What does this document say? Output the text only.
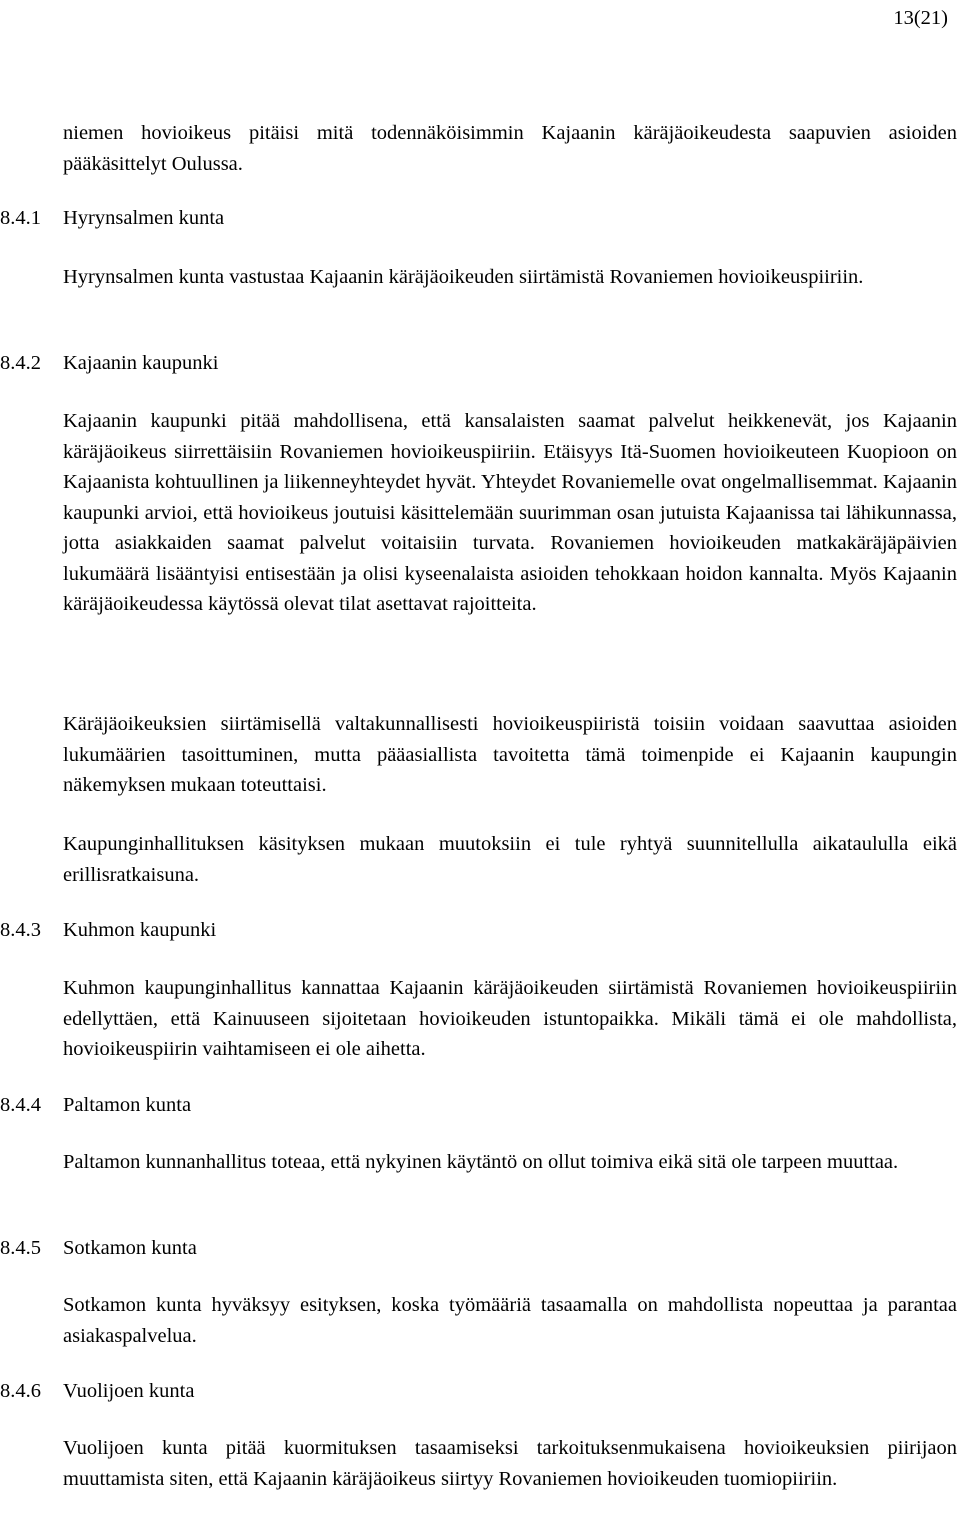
13(21)

niemen hovioikeus pitäisi mitä todennäköisimmin Kajaanin käräjäoikeudesta saapuvien asioiden pääkäsittelyt Oulussa.

8.4.1 Hyrynsalmen kunta

Hyrynsalmen kunta vastustaa Kajaanin käräjäoikeuden siirtämistä Rovaniemen hovioikeuspiiriin.

8.4.2 Kajaanin kaupunki

Kajaanin kaupunki pitää mahdollisena, että kansalaisten saamat palvelut heikkenevät, jos Kajaanin käräjäoikeus siirrettäisiin Rovaniemen hovioikeuspiiriin. Etäisyys Itä-Suomen hovioikeuteen Kuopioon on Kajaanista kohtuullinen ja liikenneyhteydet hyvät. Yhteydet Rovaniemelle ovat ongelmallisemmat. Kajaanin kaupunki arvioi, että hovioikeus joutuisi käsittelemään suurimman osan jutuista Kajaanissa tai lähikunnassa, jotta asiakkaiden saamat palvelut voitaisiin turvata. Rovaniemen hovioikeuden matkakäräjäpäivien lukumäärä lisääntyisi entisestään ja olisi kyseenalaista asioiden tehokkaan hoidon kannalta. Myös Kajaanin käräjäoikeudessa käytössä olevat tilat asettavat rajoitteita.

Käräjäoikeuksien siirtämisellä valtakunnallisesti hovioikeuspiiristä toisiin voidaan saavuttaa asioiden lukumäärien tasoittuminen, mutta pääasiallista tavoitetta tämä toimenpide ei Kajaanin kaupungin näkemyksen mukaan toteuttaisi.

Kaupunginhallituksen käsityksen mukaan muutoksiin ei tule ryhtyä suunnitellulla aikataululla eikä erillisratkaisuna.

8.4.3 Kuhmon kaupunki

Kuhmon kaupunginhallitus kannattaa Kajaanin käräjäoikeuden siirtämistä Rovaniemen hovioikeuspiiriin edellyttäen, että Kainuuseen sijoitetaan hovioikeuden istuntopaikka. Mikäli tämä ei ole mahdollista, hovioikeuspiirin vaihtamiseen ei ole aihetta.

8.4.4 Paltamon kunta

Paltamon kunnanhallitus toteaa, että nykyinen käytäntö on ollut toimiva eikä sitä ole tarpeen muuttaa.

8.4.5 Sotkamon kunta

Sotkamon kunta hyväksyy esityksen, koska työmääriä tasaamalla on mahdollista nopeuttaa ja parantaa asiakaspalvelua.

8.4.6 Vuolijoen kunta

Vuolijoen kunta pitää kuormituksen tasaamiseksi tarkoituksenmukaisena hovioikeuksien piirijaon muuttamista siten, että Kajaanin käräjäoikeus siirtyy Rovaniemen hovioikeuden tuomiopiiriin.
